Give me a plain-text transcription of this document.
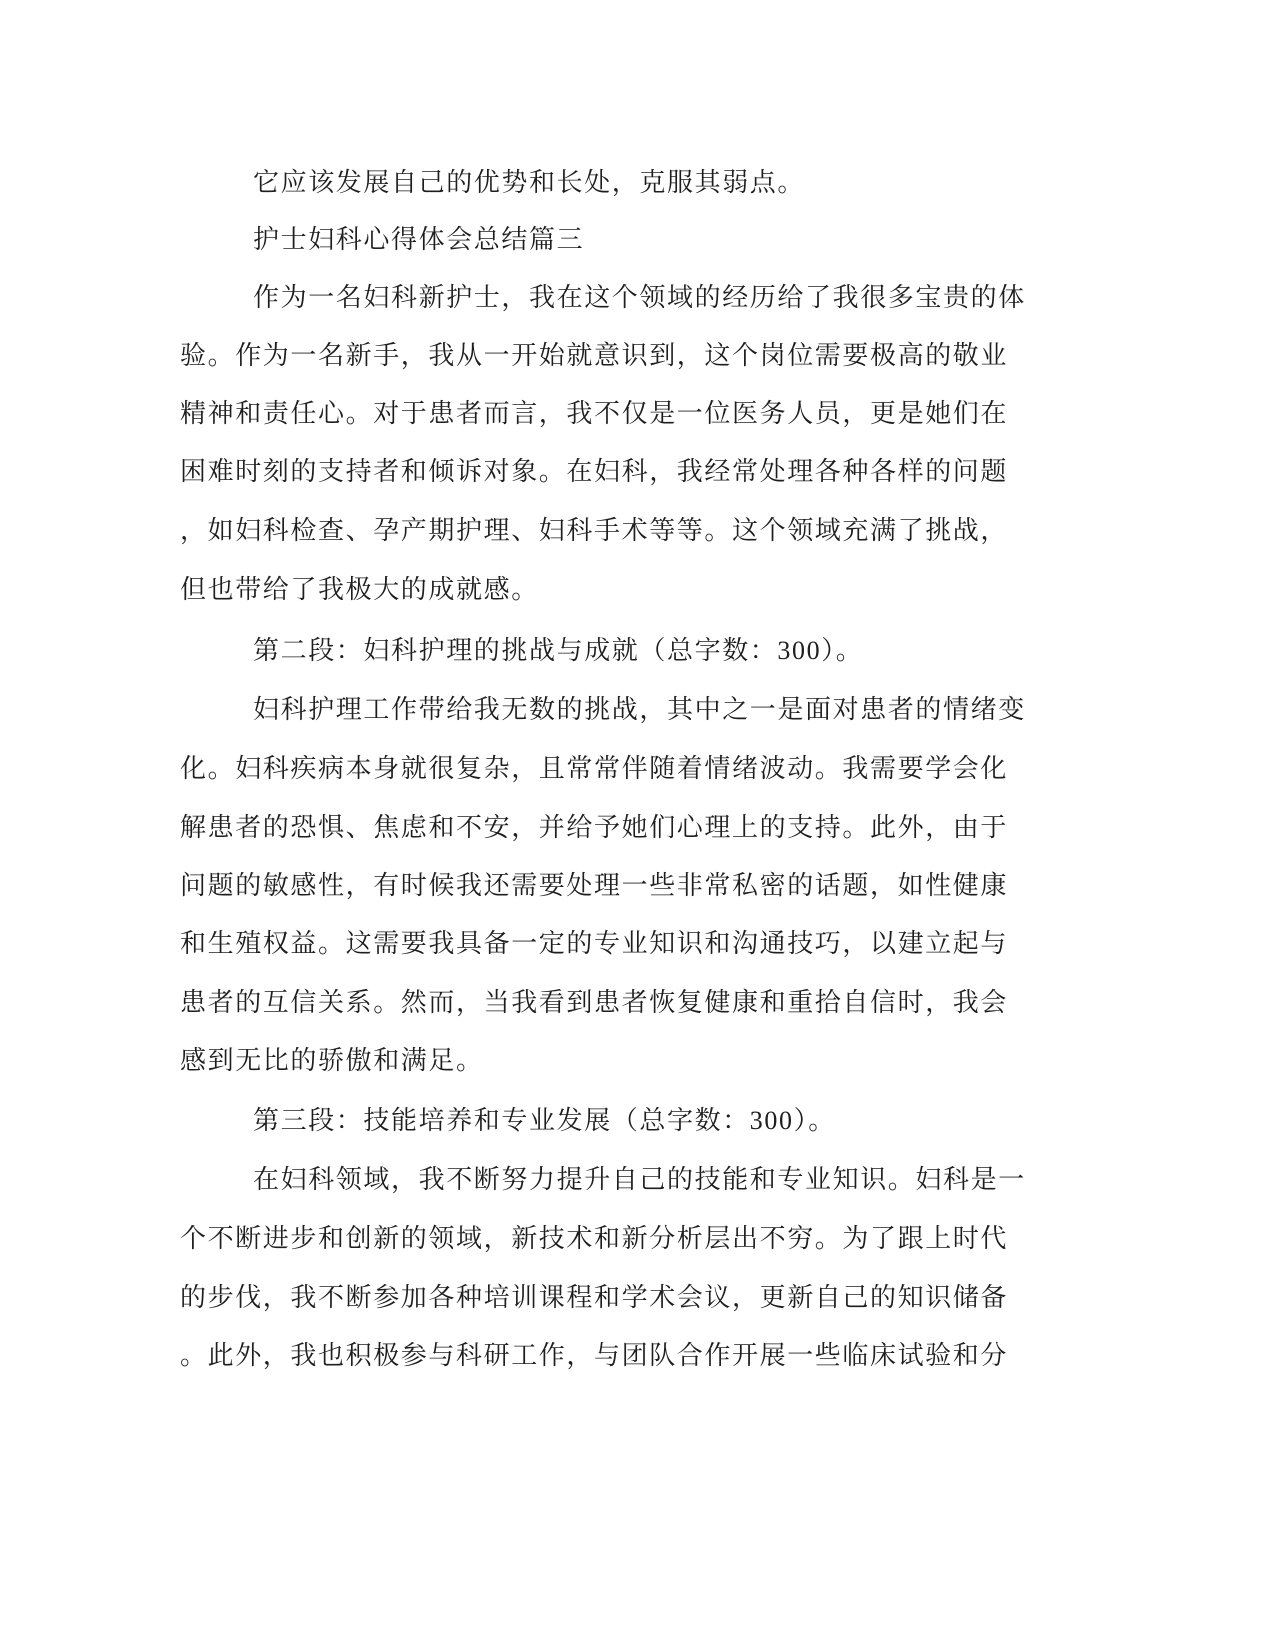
它应该发展自己的优势和长处，克服其弱点。
护士妇科心得体会总结篇三
作为一名妇科新护士，我在这个领域的经历给了我很多宝贵的体
验。作为一名新手，我从一开始就意识到，这个岗位需要极高的敬业
精神和责任心。对于患者而言，我不仅是一位医务人员，更是她们在
困难时刻的支持者和倾诉对象。在妇科，我经常处理各种各样的问题
，如妇科检查、孕产期护理、妇科手术等等。这个领域充满了挑战，
但也带给了我极大的成就感。
第二段：妇科护理的挑战与成就（总字数：300）。
妇科护理工作带给我无数的挑战，其中之一是面对患者的情绪变
化。妇科疾病本身就很复杂，且常常伴随着情绪波动。我需要学会化
解患者的恐惧、焦虑和不安，并给予她们心理上的支持。此外，由于
问题的敏感性，有时候我还需要处理一些非常私密的话题，如性健康
和生殖权益。这需要我具备一定的专业知识和沟通技巧，以建立起与
患者的互信关系。然而，当我看到患者恢复健康和重拾自信时，我会
感到无比的骄傲和满足。
第三段：技能培养和专业发展（总字数：300）。
在妇科领域，我不断努力提升自己的技能和专业知识。妇科是一
个不断进步和创新的领域，新技术和新分析层出不穷。为了跟上时代
的步伐，我不断参加各种培训课程和学术会议，更新自己的知识储备
。此外，我也积极参与科研工作，与团队合作开展一些临床试验和分
